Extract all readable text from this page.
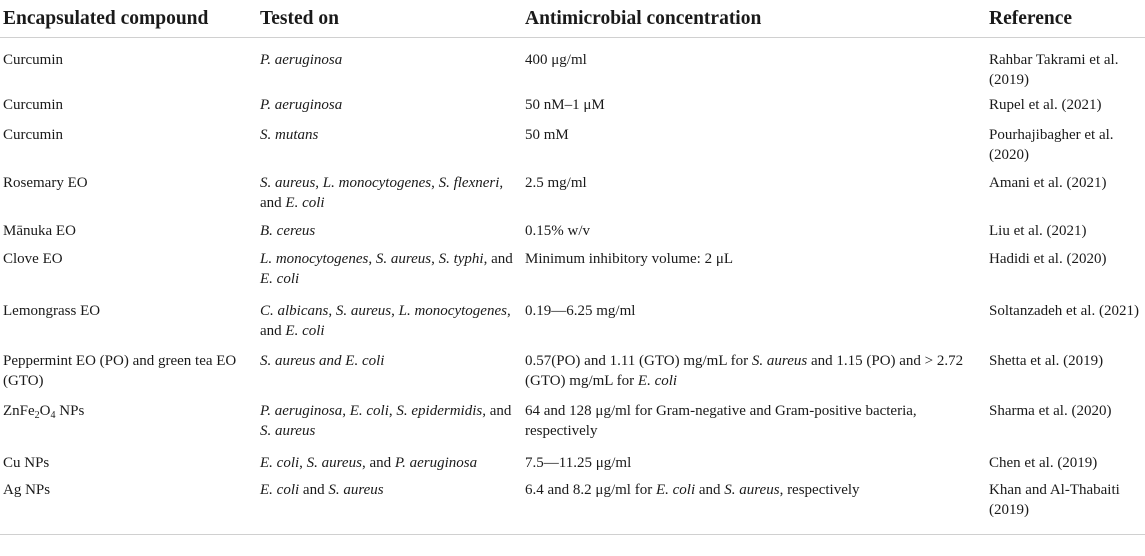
Encapsulated compound	Tested on	Antimicrobial concentration	Reference
Curcumin	P. aeruginosa	400 μg/ml	Rahbar Takrami et al. (2019)
Curcumin	P. aeruginosa	50 nM–1 μM	Rupel et al. (2021)
Curcumin	S. mutans	50 mM	Pourhajibagher et al. (2020)
Rosemary EO	S. aureus, L. monocytogenes, S. flexneri, and E. coli	2.5 mg/ml	Amani et al. (2021)
Mānuka EO	B. cereus	0.15% w/v	Liu et al. (2021)
Clove EO	L. monocytogenes, S. aureus, S. typhi, and E. coli	Minimum inhibitory volume: 2 μL	Hadidi et al. (2020)
Lemongrass EO	C. albicans, S. aureus, L. monocytogenes, and E. coli	0.19—6.25 mg/ml	Soltanzadeh et al. (2021)
Peppermint EO (PO) and green tea EO (GTO)	S. aureus and E. coli	0.57(PO) and 1.11 (GTO) mg/mL for S. aureus and 1.15 (PO) and > 2.72 (GTO) mg/mL for E. coli	Shetta et al. (2019)
$ZnFe_2O_4$ NPs	P. aeruginosa, E. coli, S. epidermidis, and S. aureus	64 and 128 μg/ml for Gram-negative and Gram-positive bacteria, respectively	Sharma et al. (2020)
Cu NPs	E. coli, S. aureus, and P. aeruginosa	7.5—11.25 μg/ml	Chen et al. (2019)
Ag NPs	E. coli and S. aureus	6.4 and 8.2 μg/ml for E. coli and S. aureus, respectively	Khan and Al-Thabaiti (2019)
